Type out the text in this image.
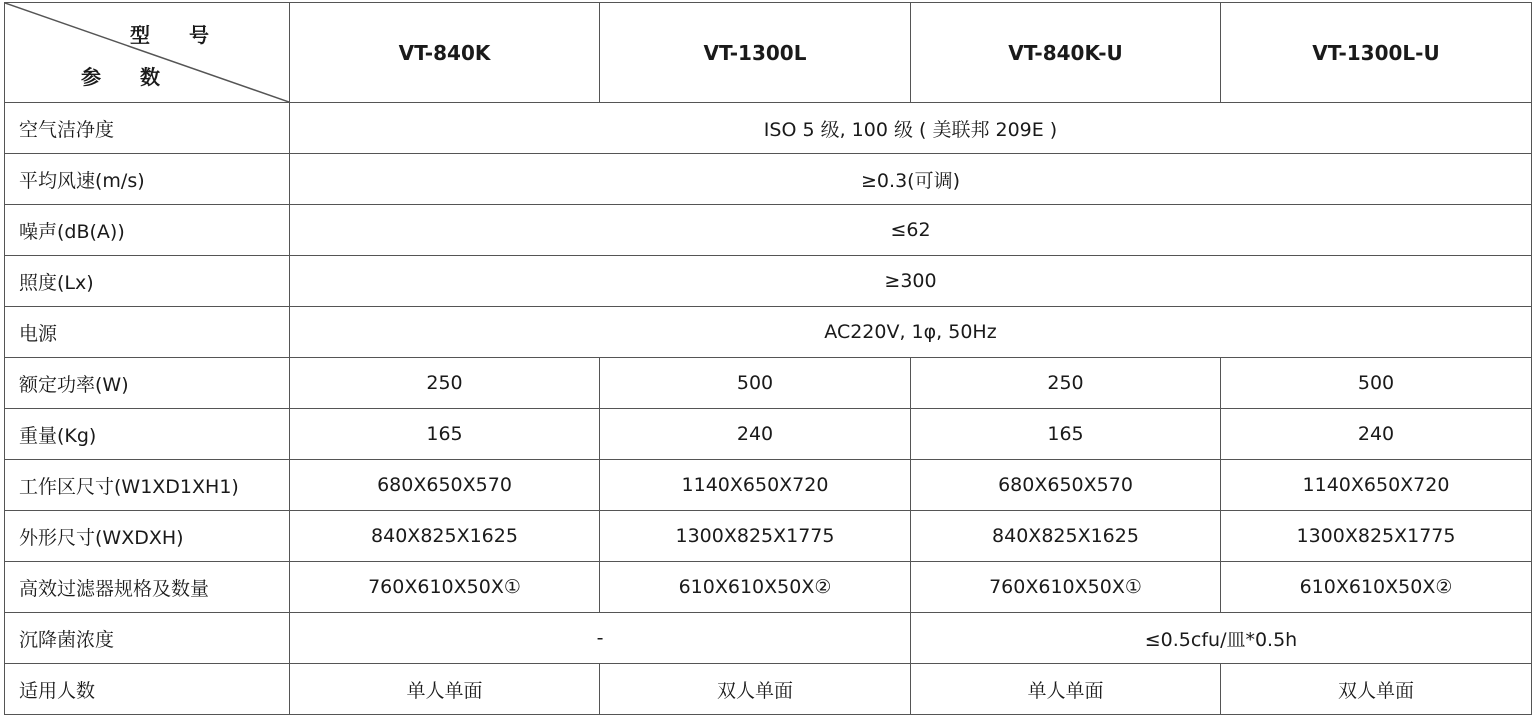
型 号
参 数	VT-840K	VT-1300L	VT-840K-U	VT-1300L-U
空气洁净度	ISO 5 级, 100 级 ( 美联邦 209E )			
平均风速(m/s)	≥0.3(可调)			
噪声(dB(A))	≤62			
照度(Lx)	≥300			
电源	AC220V, 1φ, 50Hz			
额定功率(W)	250	500	250	500
重量(Kg)	165	240	165	240
工作区尺寸(W1XD1XH1)	680X650X570	1140X650X720	680X650X570	1140X650X720
外形尺寸(WXDXH)	840X825X1625	1300X825X1775	840X825X1625	1300X825X1775
高效过滤器规格及数量	760X610X50X①	610X610X50X②	760X610X50X①	610X610X50X②
沉降菌浓度	-		≤0.5cfu/皿*0.5h	
适用人数	单人单面	双人单面	单人单面	双人单面
